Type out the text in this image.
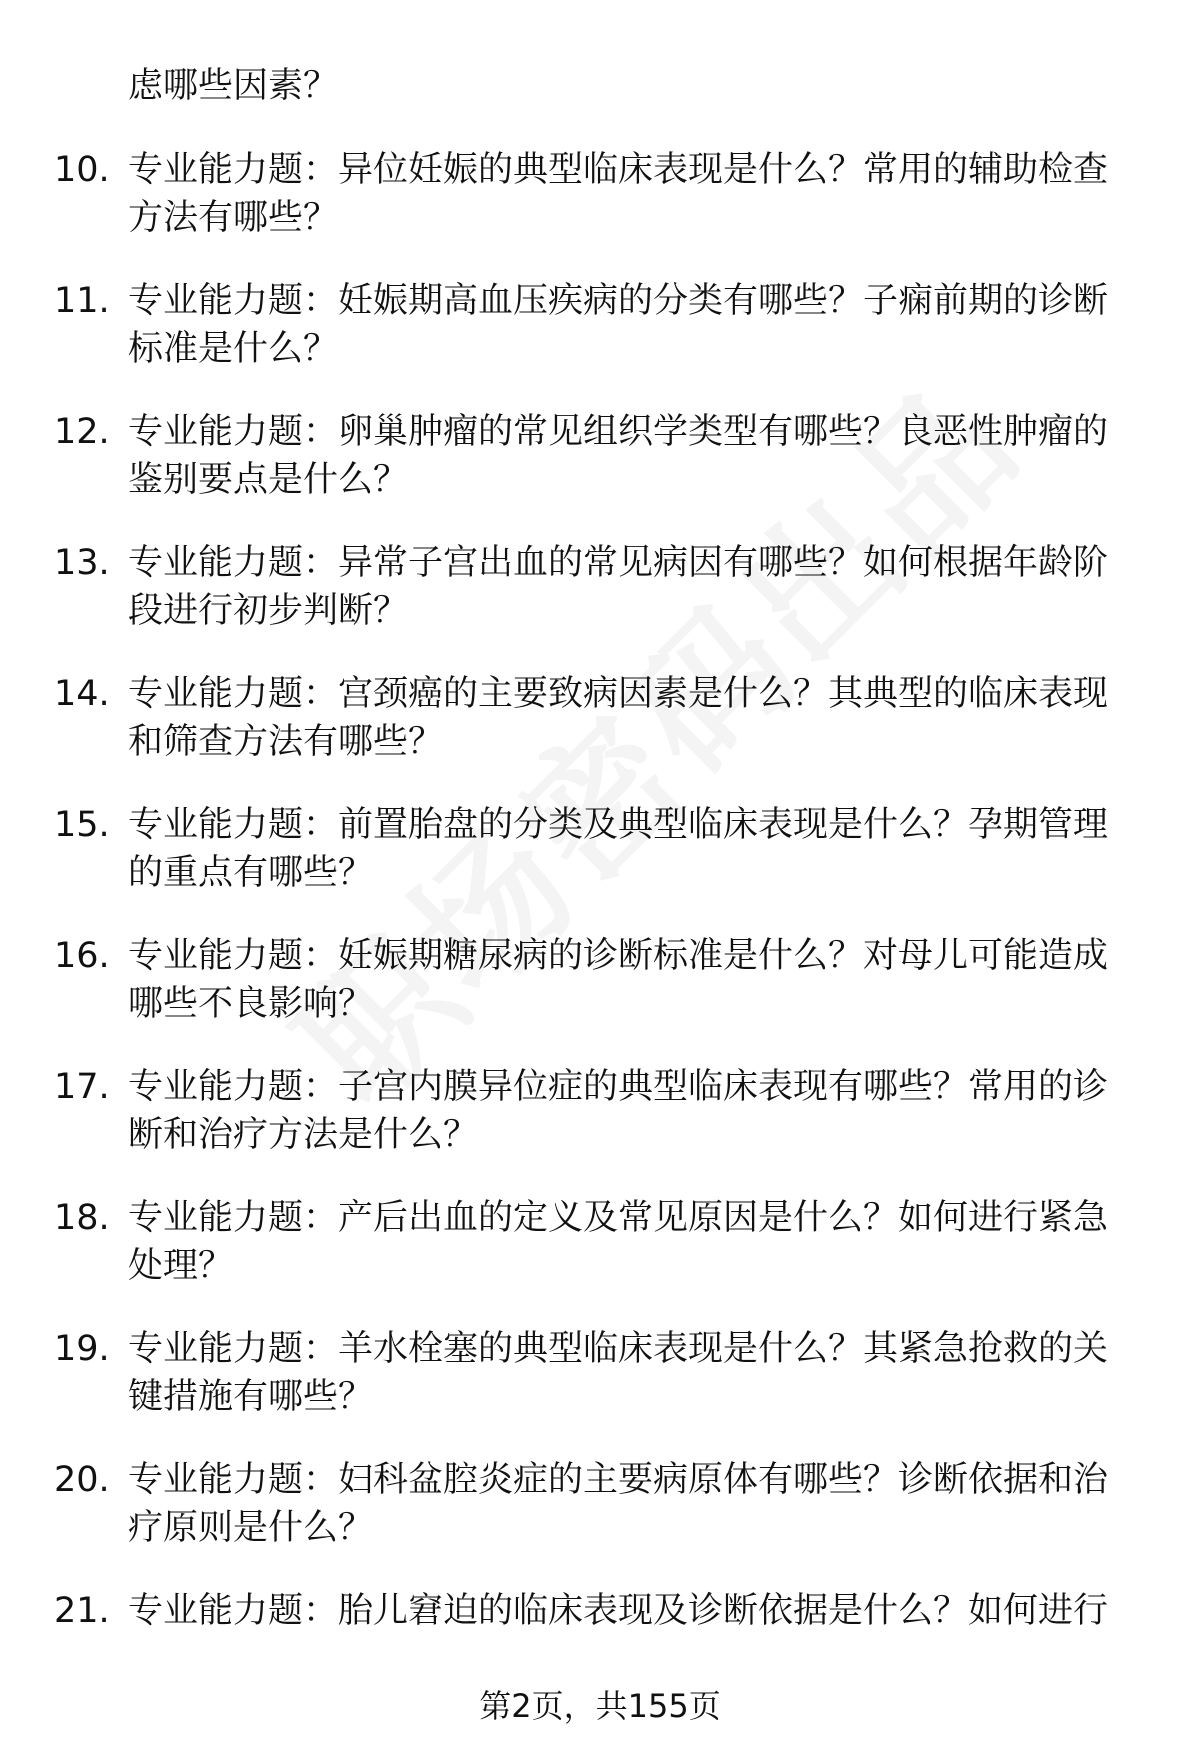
虑哪些因素？

10. 专业能力题：异位妊娠的典型临床表现是什么？常用的辅助检查
方法有哪些？
11. 专业能力题：妊娠期高血压疾病的分类有哪些？子痫前期的诊断
标准是什么？
12. 专业能力题：卵巢肿瘤的常见组织学类型有哪些？良恶性肿瘤的
鉴别要点是什么？
13. 专业能力题：异常子宫出血的常见病因有哪些？如何根据年龄阶
段进行初步判断？
14. 专业能力题：宫颈癌的主要致病因素是什么？其典型的临床表现
和筛查方法有哪些？
15. 专业能力题：前置胎盘的分类及典型临床表现是什么？孕期管理
的重点有哪些？
16. 专业能力题：妊娠期糖尿病的诊断标准是什么？对母儿可能造成
哪些不良影响？
17. 专业能力题：子宫内膜异位症的典型临床表现有哪些？常用的诊
断和治疗方法是什么？
18. 专业能力题：产后出血的定义及常见原因是什么？如何进行紧急
处理？
19. 专业能力题：羊水栓塞的典型临床表现是什么？其紧急抢救的关
键措施有哪些？
20. 专业能力题：妇科盆腔炎症的主要病原体有哪些？诊断依据和治
疗原则是什么？
21. 专业能力题：胎儿窘迫的临床表现及诊断依据是什么？如何进行
第2页，共155页
